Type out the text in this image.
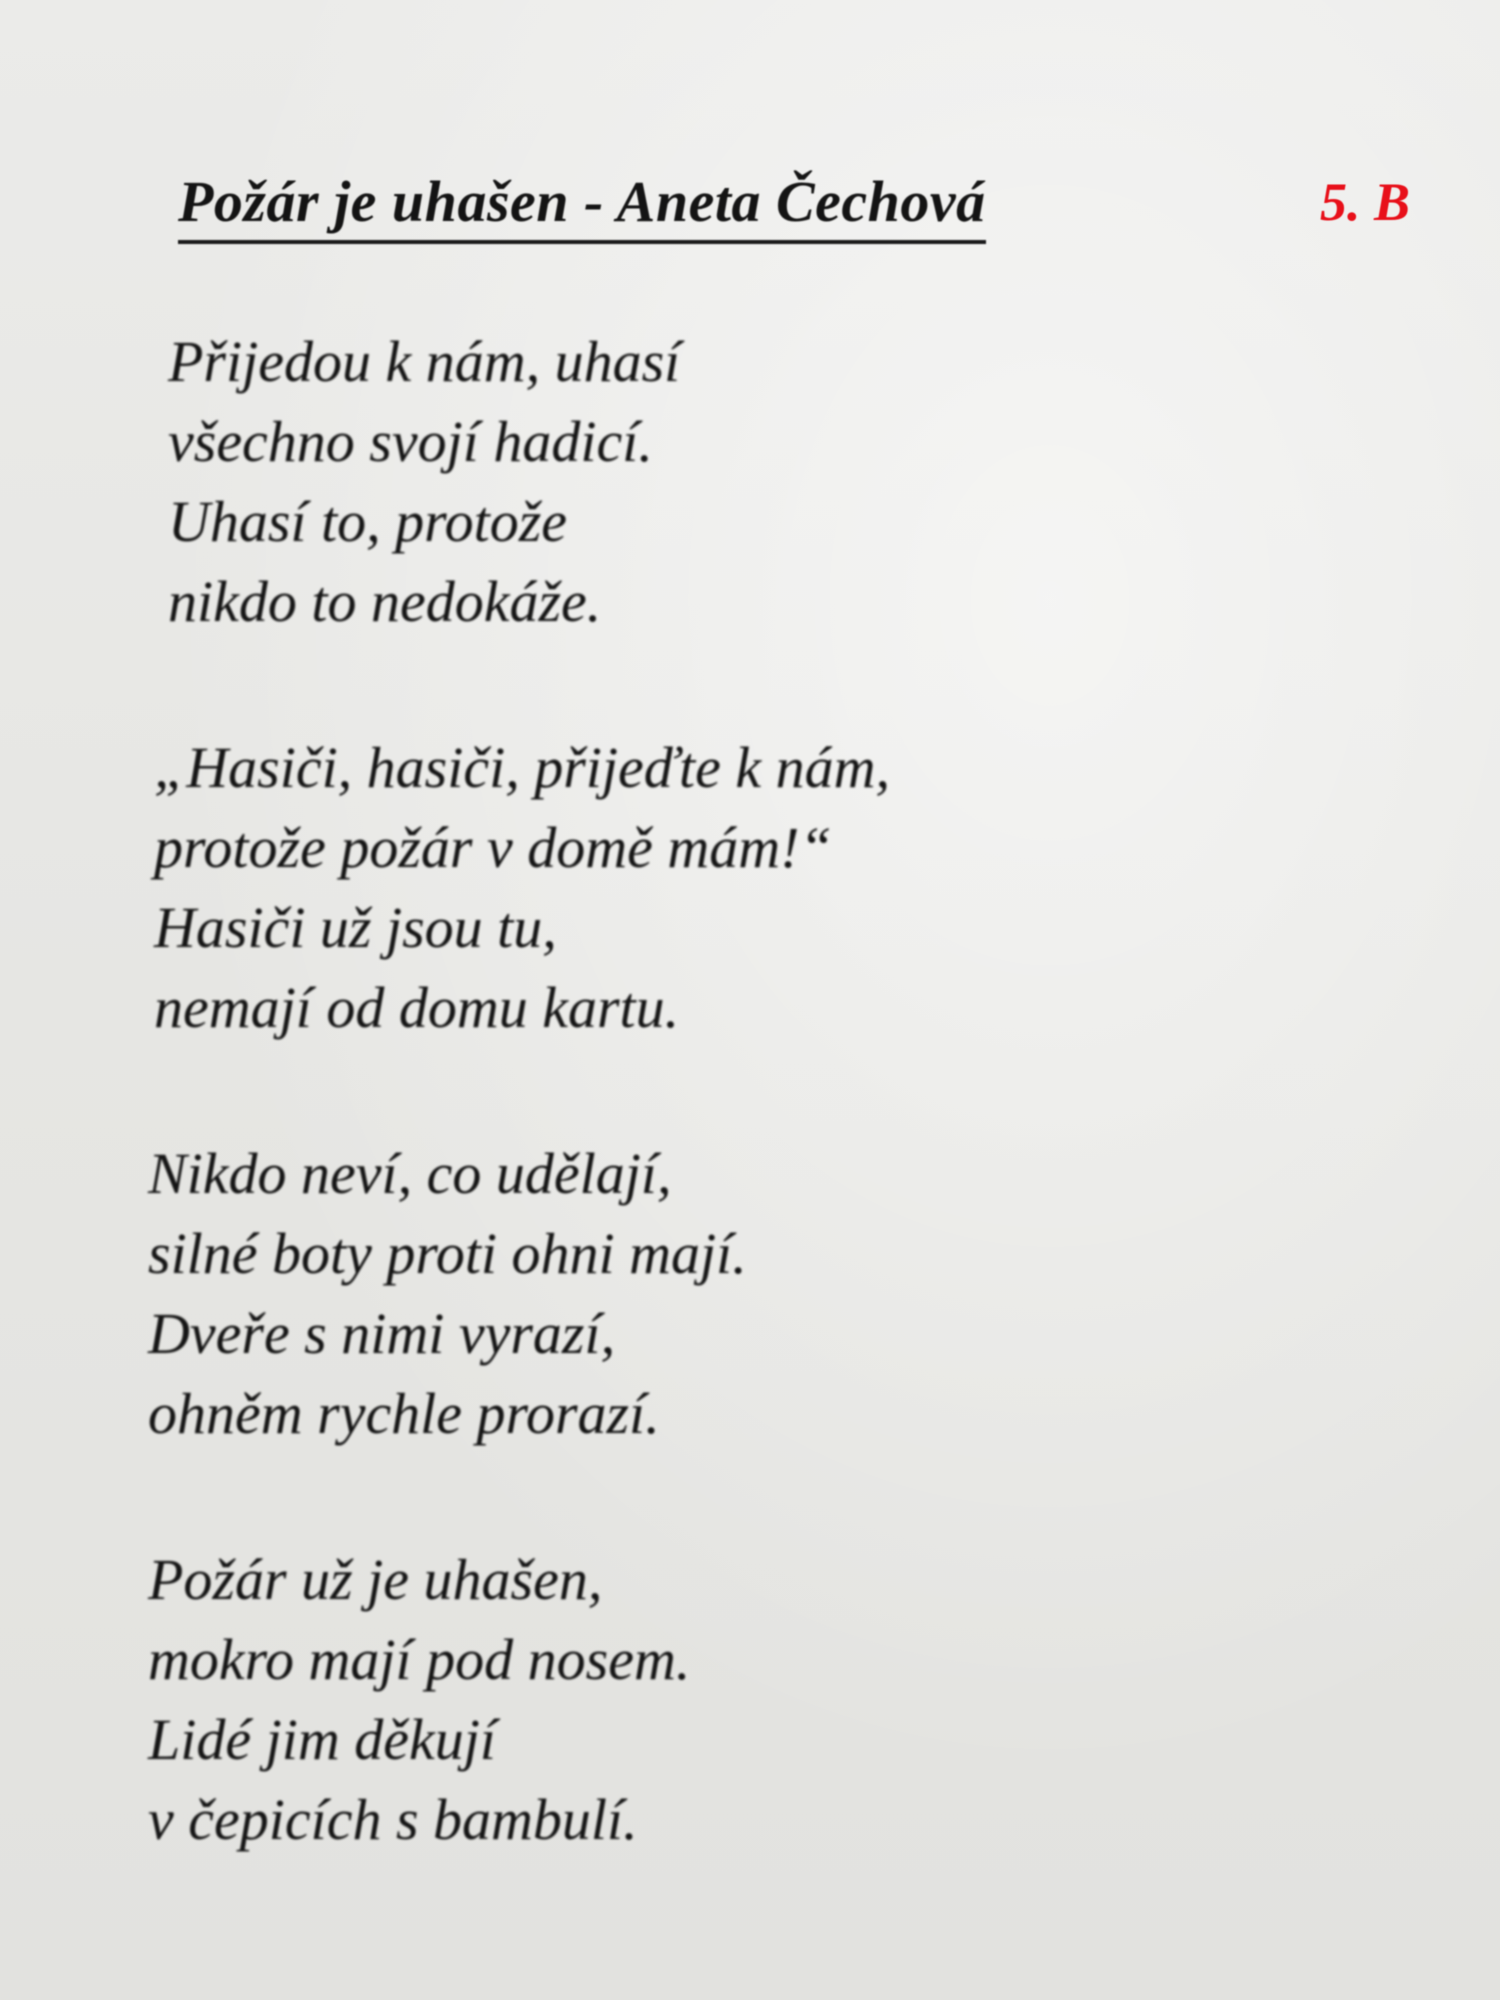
Požár je uhašen - Aneta Čechová	5. B
Přijedou k nám, uhasí
všechno svojí hadicí.
Uhasí to, protože
nikdo to nedokáže.
„Hasiči, hasiči, přijeďte k nám,
protože požár v domě mám!“
Hasiči už jsou tu,
nemají od domu kartu.
Nikdo neví, co udělají,
silné boty proti ohni mají.
Dveře s nimi vyrazí,
ohněm rychle prorazí.
Požár už je uhašen,
mokro mají pod nosem.
Lidé jim děkují
v čepicích s bambulí.
